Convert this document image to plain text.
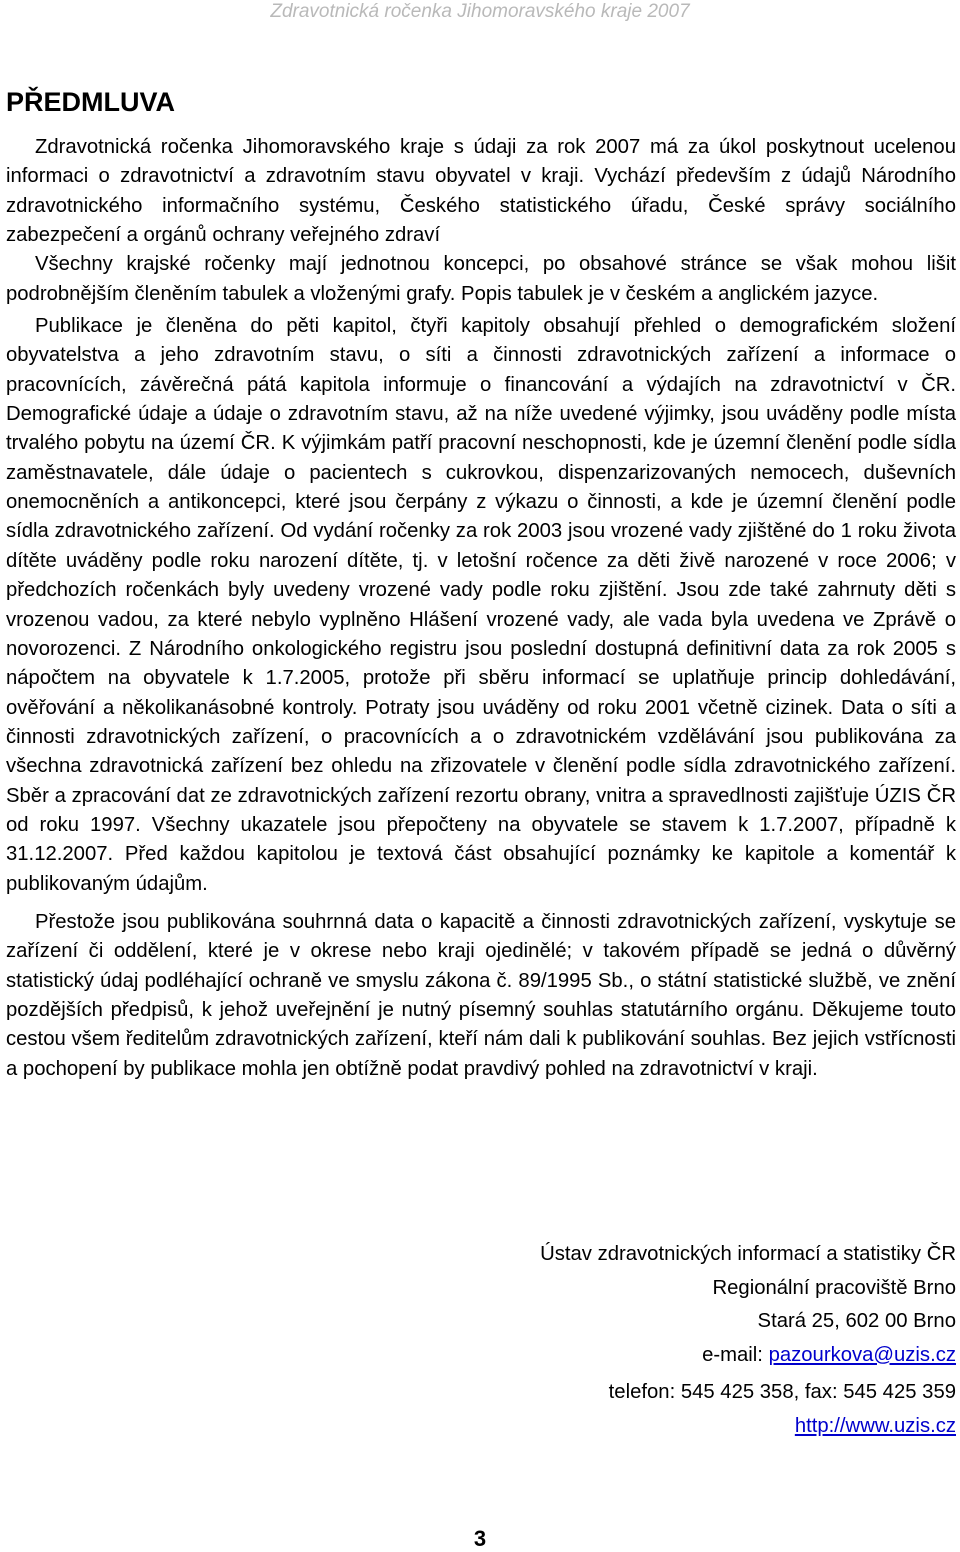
Zdravotnická ročenka Jihomoravského kraje 2007
PŘEDMLUVA

Zdravotnická ročenka Jihomoravského kraje s údaji za rok 2007 má za úkol poskytnout ucelenou informaci o zdravotnictví a zdravotním stavu obyvatel v kraji. Vychází především z údajů Národního zdravotnického informačního systému, Českého statistického úřadu, České správy sociálního zabezpečení a orgánů ochrany veřejného zdraví

Všechny krajské ročenky mají jednotnou koncepci, po obsahové stránce se však mohou lišit podrobnějším členěním tabulek a vloženými grafy. Popis tabulek je v českém a anglickém jazyce.

Publikace je členěna do pěti kapitol, čtyři kapitoly obsahují přehled o demografickém složení obyvatelstva a jeho zdravotním stavu, o síti a činnosti zdravotnických zařízení a informace o pracovnících, závěrečná pátá kapitola informuje o financování a výdajích na zdravotnictví v ČR. Demografické údaje a údaje o zdravotním stavu, až na níže uvedené výjimky, jsou uváděny podle místa trvalého pobytu na území ČR. K výjimkám patří pracovní neschopnosti, kde je územní členění podle sídla zaměstnavatele, dále údaje o pacientech s cukrovkou, dispenzarizovaných nemocech, duševních onemocněních a antikoncepci, které jsou čerpány z výkazu o činnosti, a kde je územní členění podle sídla zdravotnického zařízení. Od vydání ročenky za rok 2003 jsou vrozené vady zjištěné do 1 roku života dítěte uváděny podle roku narození dítěte, tj. v letošní ročence za děti živě narozené v roce 2006; v předchozích ročenkách byly uvedeny vrozené vady podle roku zjištění. Jsou zde také zahrnuty děti s vrozenou vadou, za které nebylo vyplněno Hlášení vrozené vady, ale vada byla uvedena ve Zprávě o novorozenci. Z Národního onkologického registru jsou poslední dostupná definitivní data za rok 2005 s nápočtem na obyvatele k 1.7.2005, protože při sběru informací se uplatňuje princip dohledávání, ověřování a několikanásobné kontroly. Potraty jsou uváděny od roku 2001 včetně cizinek. Data o síti a činnosti zdravotnických zařízení, o pracovnících a o zdravotnickém vzdělávání jsou publikována za všechna zdravotnická zařízení bez ohledu na zřizovatele v členění podle sídla zdravotnického zařízení. Sběr a zpracování dat ze zdravotnických zařízení rezortu obrany, vnitra a spravedlnosti zajišťuje ÚZIS ČR od roku 1997. Všechny ukazatele jsou přepočteny na obyvatele se stavem k 1.7.2007, případně k 31.12.2007. Před každou kapitolou je textová část obsahující poznámky ke kapitole a komentář k publikovaným údajům.

Přestože jsou publikována souhrnná data o kapacitě a činnosti zdravotnických zařízení, vyskytuje se zařízení či oddělení, které je v okrese nebo kraji ojedinělé; v takovém případě se jedná o důvěrný statistický údaj podléhající ochraně ve smyslu zákona č. 89/1995 Sb., o státní statistické službě, ve znění pozdějších předpisů, k jehož uveřejnění je nutný písemný souhlas statutárního orgánu. Děkujeme touto cestou všem ředitelům zdravotnických zařízení, kteří nám dali k publikování souhlas. Bez jejich vstřícnosti a pochopení by publikace mohla jen obtížně podat pravdivý pohled na zdravotnictví v kraji.

Ústav zdravotnických informací a statistiky ČR
Regionální pracoviště Brno
Stará 25, 602 00 Brno
e-mail: pazourkova@uzis.cz
telefon: 545 425 358, fax: 545 425 359
http://www.uzis.cz
3
